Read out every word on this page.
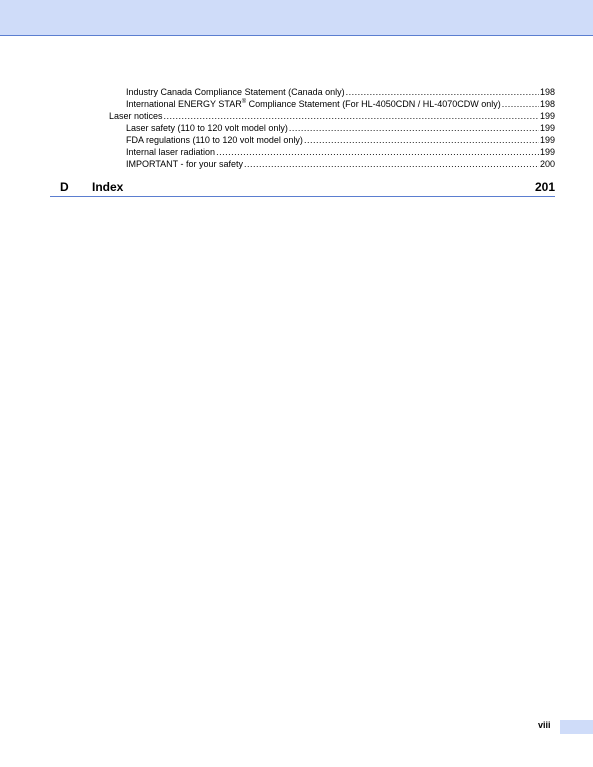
Industry Canada Compliance Statement (Canada only) .....	198
International ENERGY STAR® Compliance Statement (For HL-4050CDN / HL-4070CDW only) .....	198
Laser notices .....	199
Laser safety (110 to 120 volt model only) .....	199
FDA regulations (110 to 120 volt model only) .....	199
Internal laser radiation .....	199
IMPORTANT - for your safety .....	200
D Index	201
viii
